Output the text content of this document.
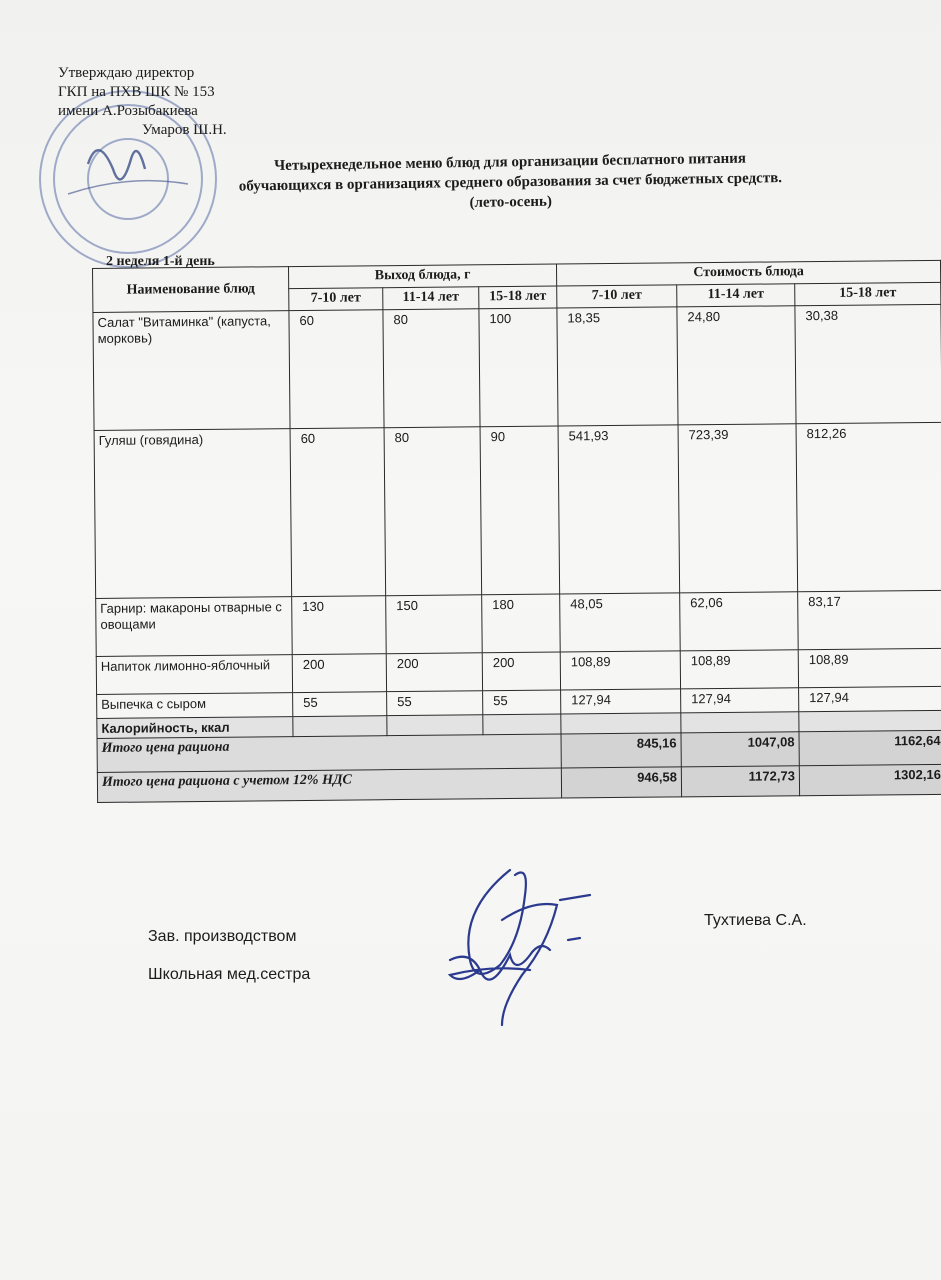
Утверждаю директор
ГКП на ПХВ ШК № 153
имени А.Розыбакиева
Умаров Ш.Н.
Четырехнедельное меню блюд для организации бесплатного питания
обучающихся в организациях среднего образования за счет бюджетных средств.
(лето-осень)
2 неделя 1-й день
Наименование блюд	Выход блюда, г			Стоимость блюда		
	7-10 лет	11-14 лет	15-18 лет	7-10 лет	11-14 лет	15-18 лет
Салат "Витаминка" (капуста, морковь)	60	80	100	18,35	24,80	30,38
Гуляш (говядина)	60	80	90	541,93	723,39	812,26
Гарнир: макароны отварные с овощами	130	150	180	48,05	62,06	83,17
Напиток лимонно-яблочный	200	200	200	108,89	108,89	108,89
Выпечка с сыром	55	55	55	127,94	127,94	127,94
Калорийность, ккал						
Итого цена рациона				845,16	1047,08	1162,64
Итого цена рациона с учетом 12% НДС				946,58	1172,73	1302,16
Зав. производством
Школьная мед.сестра
Тухтиева С.А.
